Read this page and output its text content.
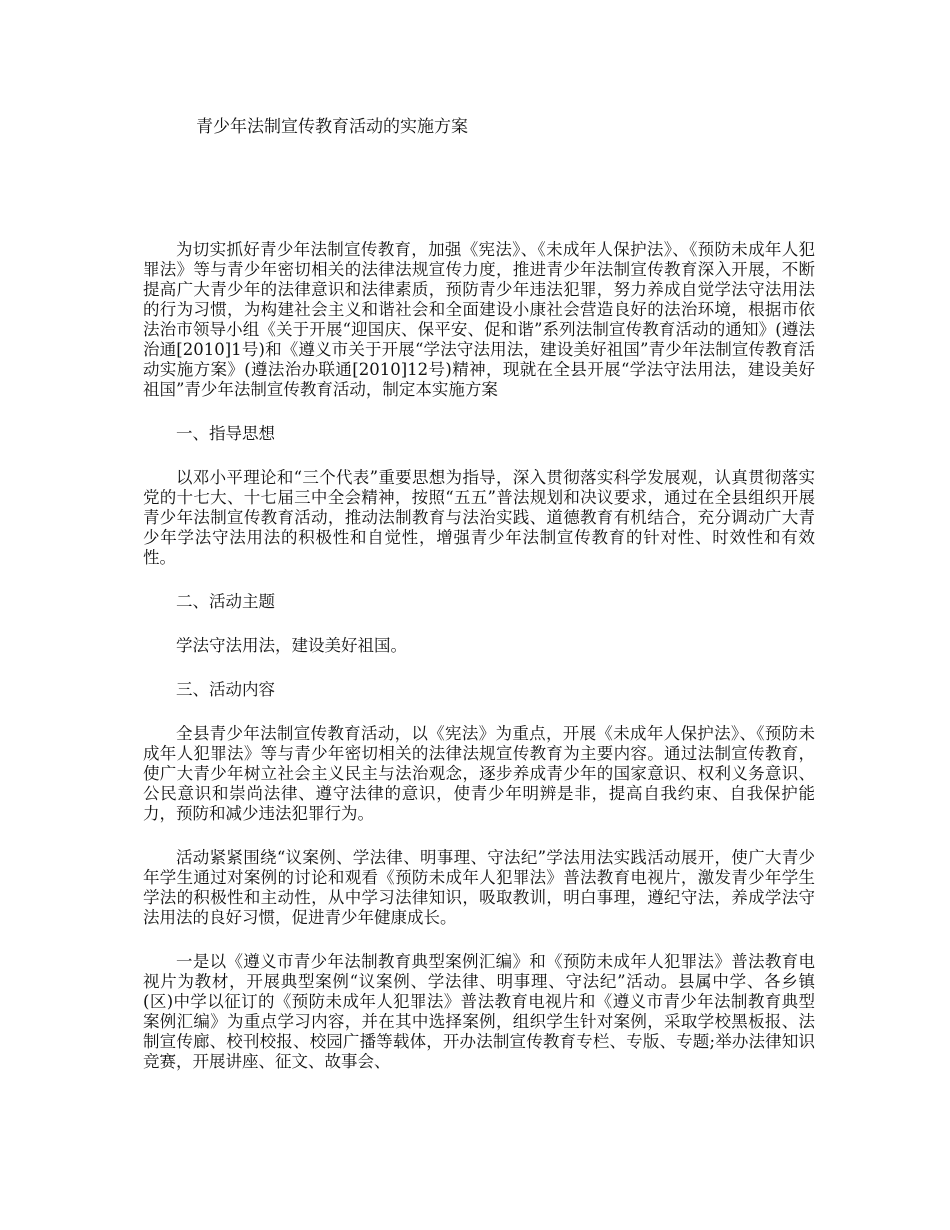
青少年法制宣传教育活动的实施方案

为切实抓好青少年法制宣传教育，加强《宪法》、《未成年人保护法》、《预防未成年人犯罪法》等与青少年密切相关的法律法规宣传力度，推进青少年法制宣传教育深入开展，不断提高广大青少年的法律意识和法律素质，预防青少年违法犯罪，努力养成自觉学法守法用法的行为习惯，为构建社会主义和谐社会和全面建设小康社会营造良好的法治环境，根据市依法治市领导小组《关于开展“迎国庆、保平安、促和谐”系列法制宣传教育活动的通知》(遵法治通[2010]1号)和《遵义市关于开展“学法守法用法，建设美好祖国”青少年法制宣传教育活动实施方案》(遵法治办联通[2010]12号)精神，现就在全县开展“学法守法用法，建设美好祖国”青少年法制宣传教育活动，制定本实施方案

一、指导思想

以邓小平理论和“三个代表”重要思想为指导，深入贯彻落实科学发展观，认真贯彻落实党的十七大、十七届三中全会精神，按照“五五”普法规划和决议要求，通过在全县组织开展青少年法制宣传教育活动，推动法制教育与法治实践、道德教育有机结合，充分调动广大青少年学法守法用法的积极性和自觉性，增强青少年法制宣传教育的针对性、时效性和有效性。

二、活动主题

学法守法用法，建设美好祖国。

三、活动内容

全县青少年法制宣传教育活动，以《宪法》为重点，开展《未成年人保护法》、《预防未成年人犯罪法》等与青少年密切相关的法律法规宣传教育为主要内容。通过法制宣传教育，使广大青少年树立社会主义民主与法治观念，逐步养成青少年的国家意识、权利义务意识、公民意识和崇尚法律、遵守法律的意识，使青少年明辨是非，提高自我约束、自我保护能力，预防和减少违法犯罪行为。

活动紧紧围绕“议案例、学法律、明事理、守法纪”学法用法实践活动展开，使广大青少年学生通过对案例的讨论和观看《预防未成年人犯罪法》普法教育电视片，激发青少年学生学法的积极性和主动性，从中学习法律知识，吸取教训，明白事理，遵纪守法，养成学法守法用法的良好习惯，促进青少年健康成长。

一是以《遵义市青少年法制教育典型案例汇编》和《预防未成年人犯罪法》普法教育电视片为教材，开展典型案例“议案例、学法律、明事理、守法纪”活动。县属中学、各乡镇(区)中学以征订的《预防未成年人犯罪法》普法教育电视片和《遵义市青少年法制教育典型案例汇编》为重点学习内容，并在其中选择案例，组织学生针对案例，采取学校黑板报、法制宣传廊、校刊校报、校园广播等载体，开办法制宣传教育专栏、专版、专题;举办法律知识竞赛，开展讲座、征文、故事会、
